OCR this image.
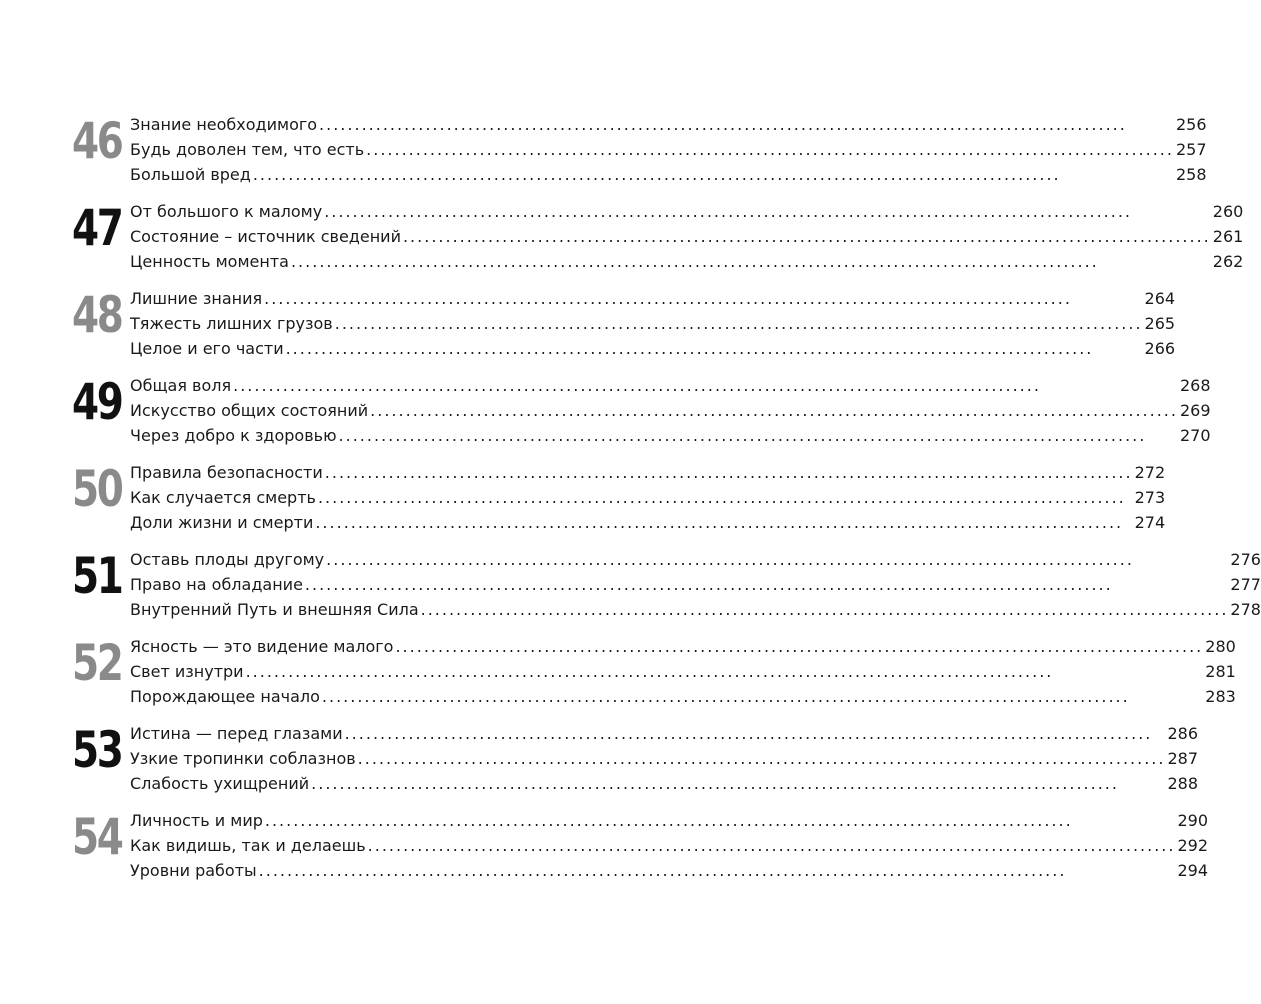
46 Знание необходимого .....	256
Будь доволен тем, что есть .....	257
Большой вред .....	258
47 От большого к малому .....	260
Состояние – источник сведений .....	261
Ценность момента .....	262
48 Лишние знания .....	264
Тяжесть лишних грузов .....	265
Целое и его части .....	266
49 Общая воля .....	268
Искусство общих состояний .....	269
Через добро к здоровью .....	270
50 Правила безопасности .....	272
Как случается смерть .....	273
Доли жизни и смерти .....	274
51 Оставь плоды другому .....	276
Право на обладание .....	277
Внутренний Путь и внешняя Сила .....	278
52 Ясность — это видение малого .....	280
Свет изнутри .....	281
Порождающее начало .....	283
53 Истина — перед глазами .....	286
Узкие тропинки соблазнов .....	287
Слабость ухищрений .....	288
54 Личность и мир .....	290
Как видишь, так и делаешь .....	292
Уровни работы .....	294
